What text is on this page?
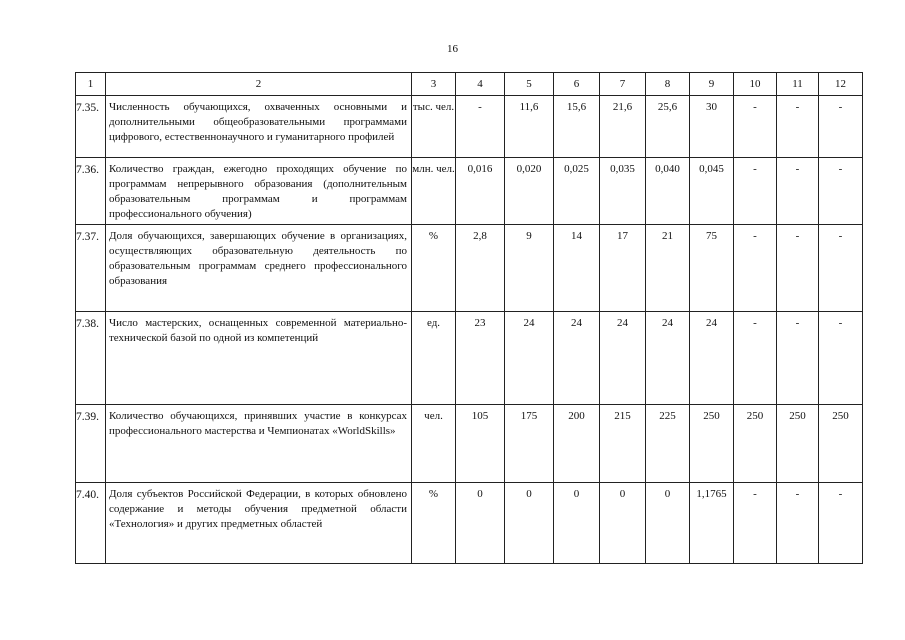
16
1	2	3	4	5	6	7	8	9	10	11	12
7.35.	Численность обучающихся, охваченных основными и дополнительными общеобразовательными программами цифрового, естественнонаучного и гуманитарного профилей	тыс. чел.	-	11,6	15,6	21,6	25,6	30	-	-	-
7.36.	Количество граждан, ежегодно проходящих обучение по программам непрерывного образования (дополнительным образовательным программам и программам профессионального обучения)	млн. чел.	0,016	0,020	0,025	0,035	0,040	0,045	-	-	-
7.37.	Доля обучающихся, завершающих обучение в организациях, осуществляющих образовательную деятельность по образовательным программам среднего профессионального образования	%	2,8	9	14	17	21	75	-	-	-
7.38.	Число мастерских, оснащенных современной материально-технической базой по одной из компетенций	ед.	23	24	24	24	24	24	-	-	-
7.39.	Количество обучающихся, принявших участие в конкурсах профессионального мастерства и Чемпионатах «WorldSkills»	чел.	105	175	200	215	225	250	250	250	250
7.40.	Доля субъектов Российской Федерации, в которых обновлено содержание и методы обучения предметной области «Технология» и других предметных областей	%	0	0	0	0	0	1,1765	-	-	-
